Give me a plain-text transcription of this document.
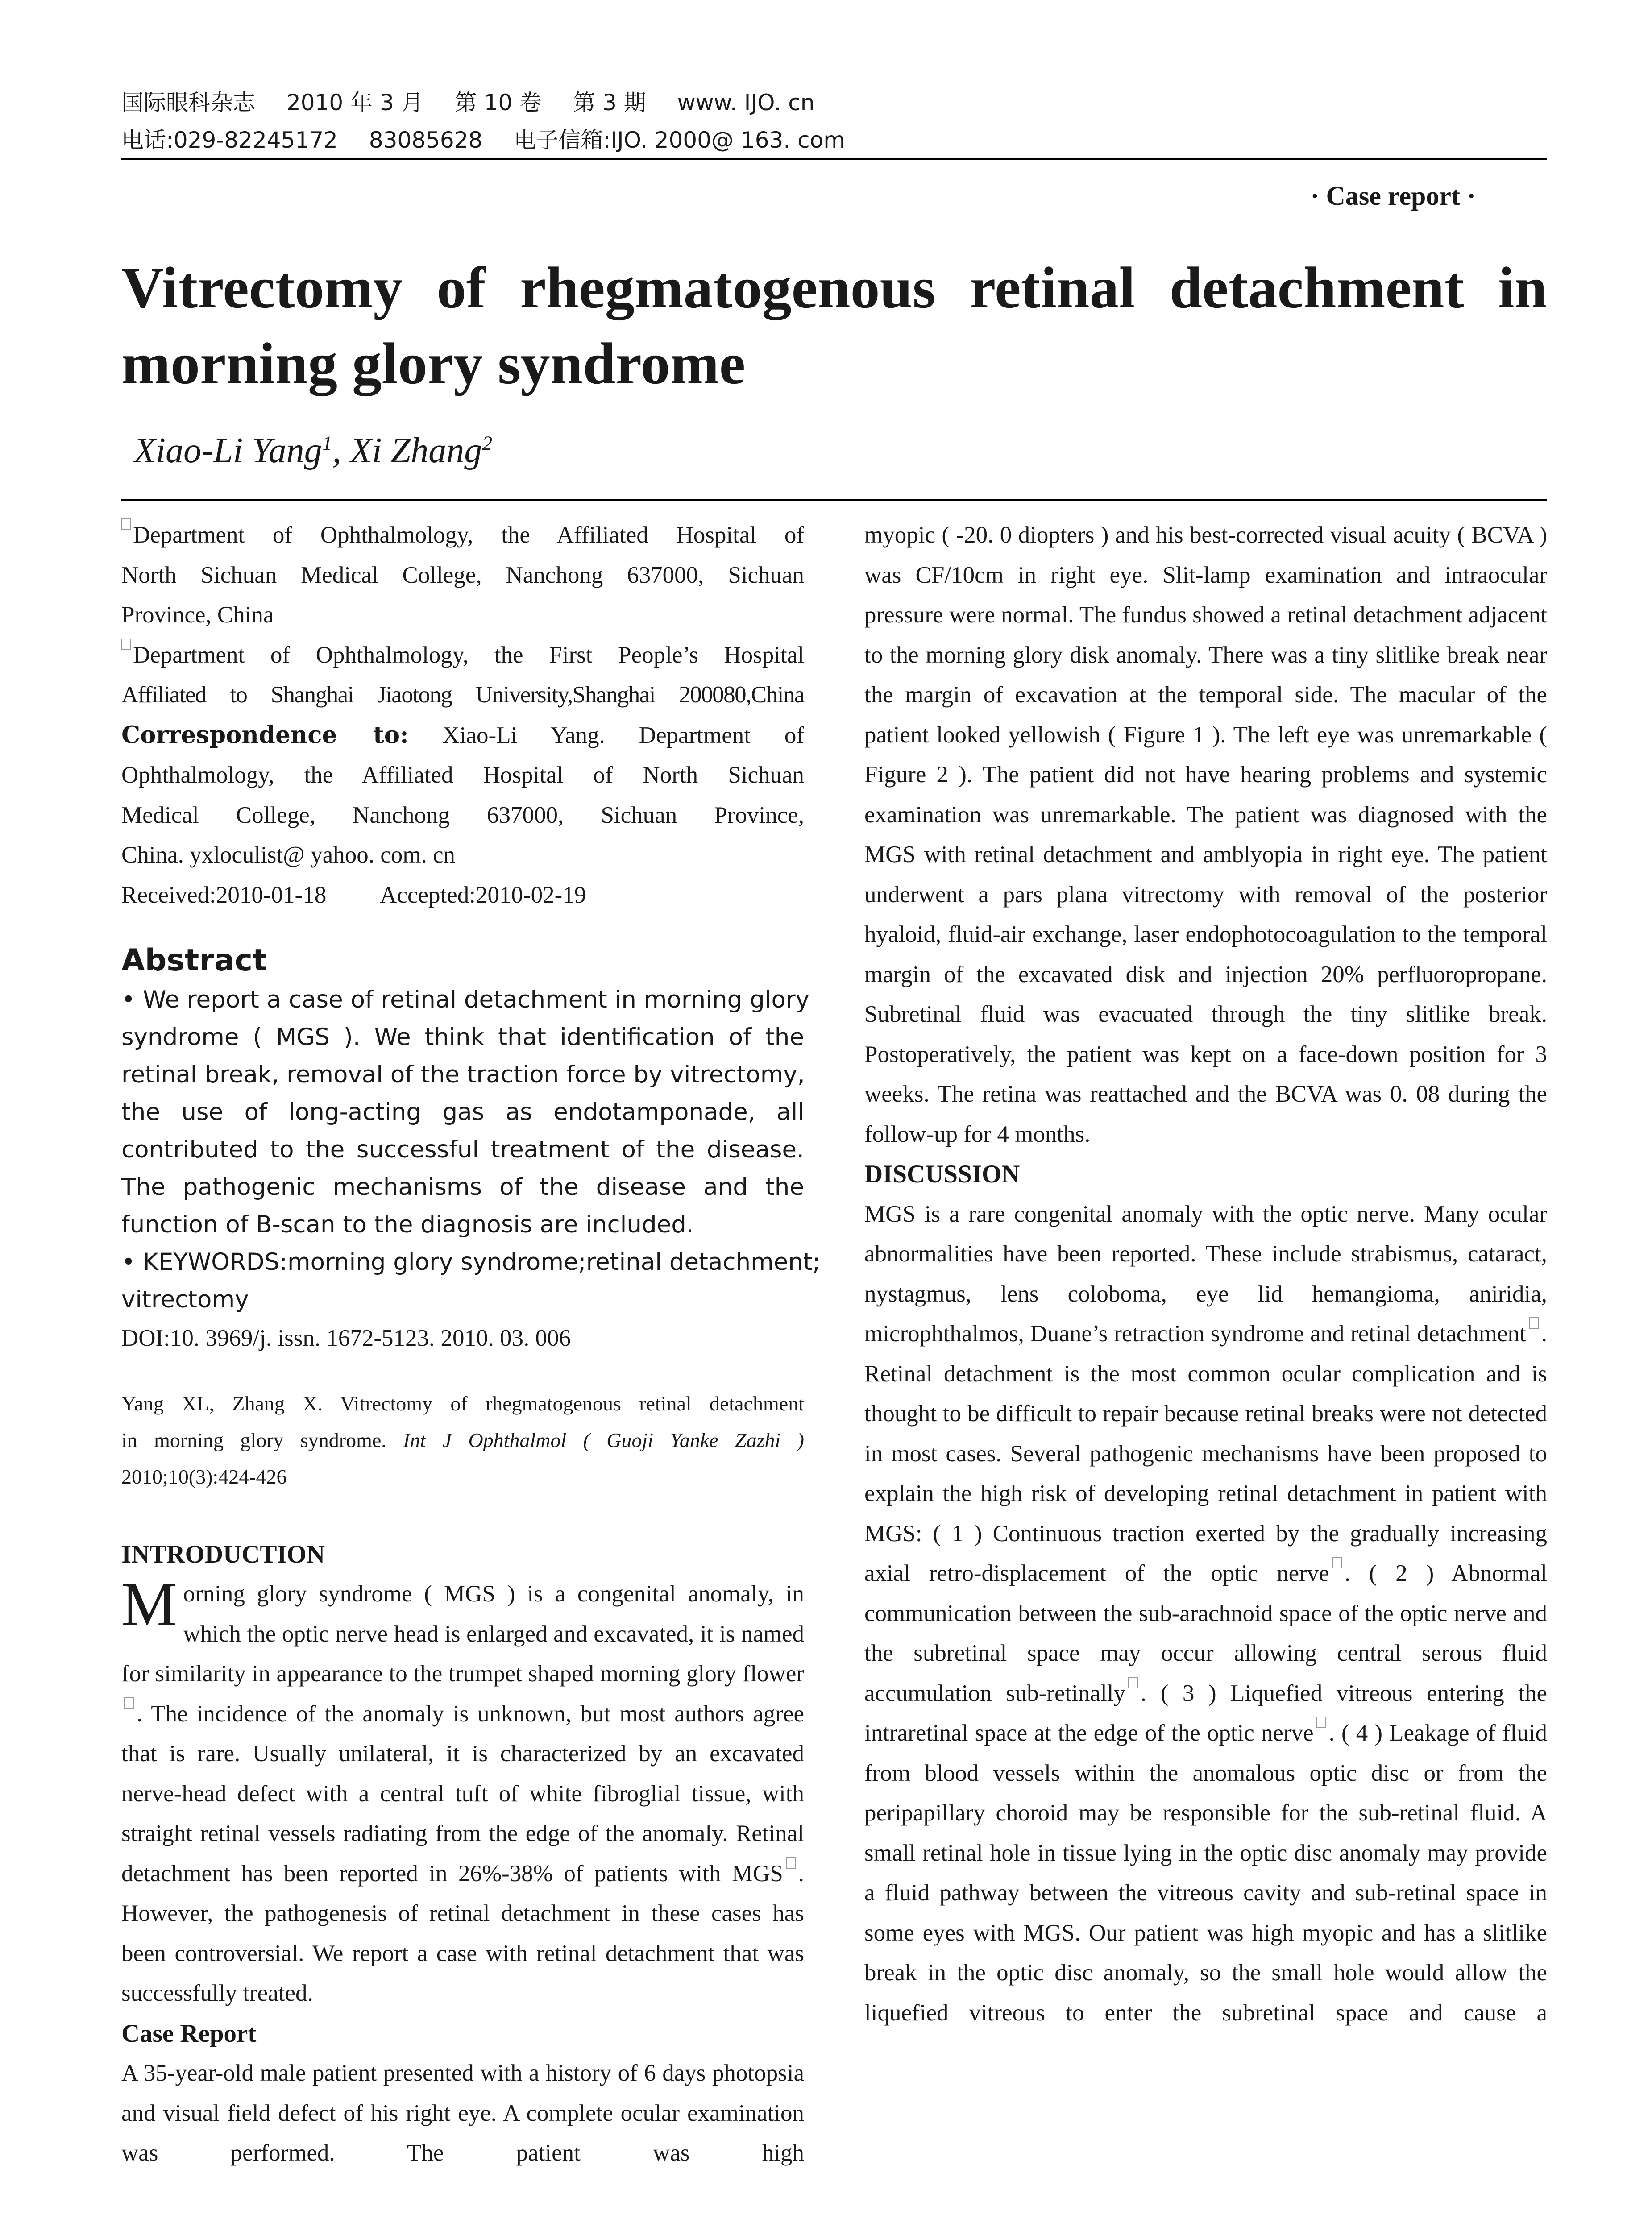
国际眼科杂志 2010 年 3 月 第 10 卷 第 3 期 www. IJO. cn
电话:029-82245172 83085628 电子信箱:IJO. 2000@ 163. com
· Case report ·
Vitrectomy of rhegmatogenous retinal detachment in
morning glory syndrome
Xiao-Li Yang$^1$, Xi Zhang$^2$
Department of Ophthalmology, the Affiliated Hospital of
North Sichuan Medical College, Nanchong 637000, Sichuan
Province, China
Department of Ophthalmology, the First People’s Hospital
Affiliated to Shanghai Jiaotong University,Shanghai 200080,China
Correspondence to: Xiao-Li Yang. Department of
Ophthalmology, the Affiliated Hospital of North Sichuan
Medical College, Nanchong 637000, Sichuan Province,
China. yxloculist@ yahoo. com. cn
Received:2010-01-18 Accepted:2010-02-19
Abstract
• We report a case of retinal detachment in morning glory
syndrome ( MGS ). We think that identification of the
retinal break, removal of the traction force by vitrectomy,
the use of long-acting gas as endotamponade, all
contributed to the successful treatment of the disease.
The pathogenic mechanisms of the disease and the
function of B-scan to the diagnosis are included.
• KEYWORDS:morning glory syndrome;retinal detachment;
vitrectomy
DOI:10. 3969/j. issn. 1672-5123. 2010. 03. 006
Yang XL, Zhang X. Vitrectomy of rhegmatogenous retinal detachment
in morning glory syndrome. Int J Ophthalmol ( Guoji Yanke Zazhi )
2010;10(3):424-426
INTRODUCTION
Morning glory syndrome ( MGS ) is a congenital anomaly, in which the optic nerve head is enlarged and excavated, it is named for similarity in appearance to the trumpet shaped morning glory flower. The incidence of the anomaly is unknown, but most authors agree that is rare. Usually unilateral, it is characterized by an excavated nerve-head defect with a central tuft of white fibroglial tissue, with straight retinal vessels radiating from the edge of the anomaly. Retinal detachment has been reported in 26%-38% of patients with MGS . However, the pathogenesis of retinal detachment in these cases has been controversial. We report a case with retinal detachment that was successfully treated.
Case Report
A 35-year-old male patient presented with a history of 6 days photopsia and visual field defect of his right eye. A complete ocular examination was performed. The patient was high
myopic ( -20. 0 diopters ) and his best-corrected visual acuity ( BCVA ) was CF/10cm in right eye. Slit-lamp examination and intraocular pressure were normal. The fundus showed a retinal detachment adjacent to the morning glory disk anomaly. There was a tiny slitlike break near the margin of excavation at the temporal side. The macular of the patient looked yellowish ( Figure 1 ). The left eye was unremarkable ( Figure 2 ). The patient did not have hearing problems and systemic examination was unremarkable. The patient was diagnosed with the MGS with retinal detachment and amblyopia in right eye. The patient underwent a pars plana vitrectomy with removal of the posterior hyaloid, fluid-air exchange, laser endophotocoagulation to the temporal margin of the excavated disk and injection 20% perfluoropropane. Subretinal fluid was evacuated through the tiny slitlike break. Postoperatively, the patient was kept on a face-down position for 3 weeks. The retina was reattached and the BCVA was 0. 08 during the follow-up for 4 months.
DISCUSSION
MGS is a rare congenital anomaly with the optic nerve. Many ocular abnormalities have been reported. These include strabismus, cataract, nystagmus, lens coloboma, eye lid hemangioma, aniridia, microphthalmos, Duane’s retraction syndrome and retinal detachment . Retinal detachment is the most common ocular complication and is thought to be difficult to repair because retinal breaks were not detected in most cases. Several pathogenic mechanisms have been proposed to explain the high risk of developing retinal detachment in patient with MGS: ( 1 ) Continuous traction exerted by the gradually increasing axial retro-displacement of the optic nerve . ( 2 ) Abnormal communication between the sub-arachnoid space of the optic nerve and the subretinal space may occur allowing central serous fluid accumulation sub-retinally . ( 3 ) Liquefied vitreous entering the intraretinal space at the edge of the optic nerve . ( 4 ) Leakage of fluid from blood vessels within the anomalous optic disc or from the peripapillary choroid may be responsible for the sub-retinal fluid. A small retinal hole in tissue lying in the optic disc anomaly may provide a fluid pathway between the vitreous cavity and sub-retinal space in some eyes with MGS. Our patient was high myopic and has a slitlike break in the optic disc anomaly, so the small hole would allow the liquefied vitreous to enter the subretinal space and cause a
